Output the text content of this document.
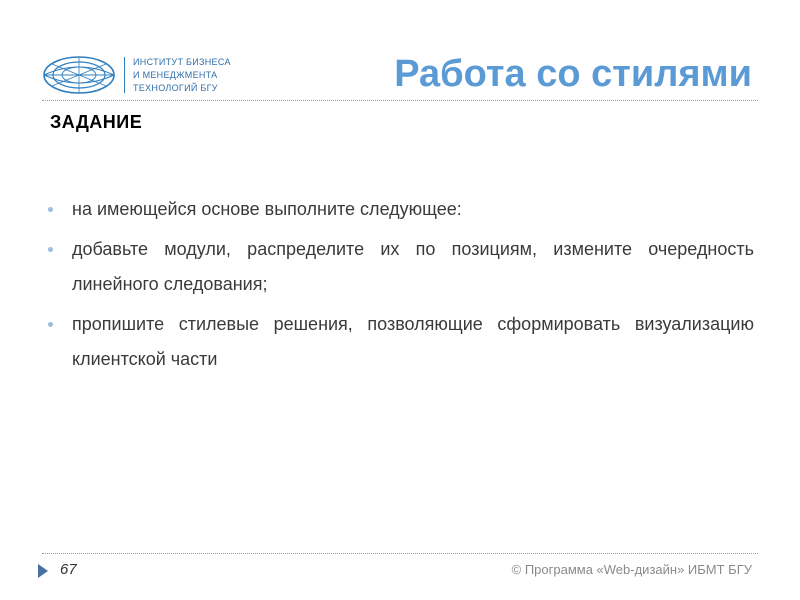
ИНСТИТУТ БИЗНЕСА
И МЕНЕДЖМЕНТА
ТЕХНОЛОГИЙ БГУ	Работа со стилями
ЗАДАНИЕ
на имеющейся основе выполните следующее:
добавьте модули, распределите их по позициям, измените очередность линейного следования;
пропишите стилевые решения, позволяющие сформировать визуализацию клиентской части
67	© Программа «Web-дизайн» ИБМТ БГУ
